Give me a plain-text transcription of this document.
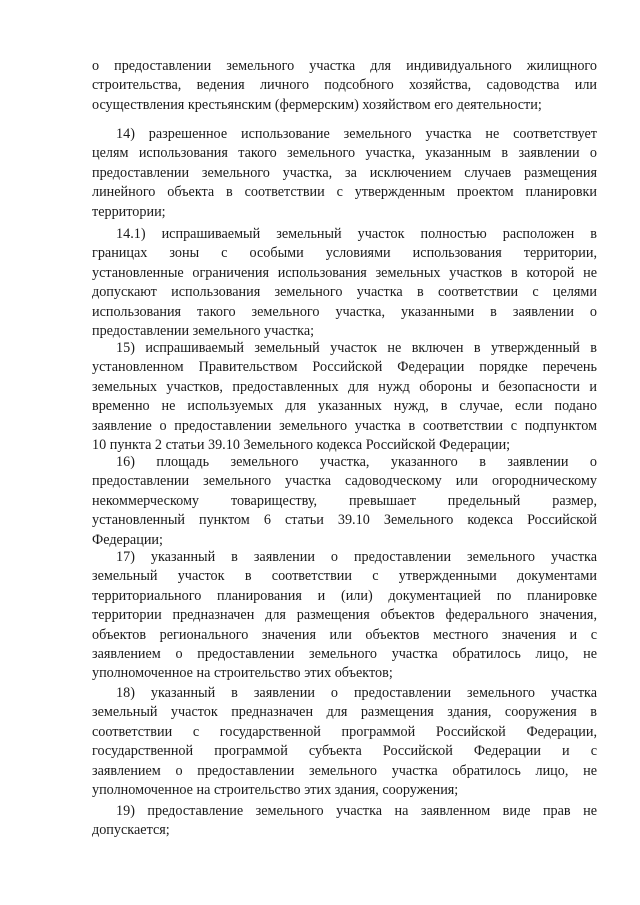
о предоставлении земельного участка для индивидуального жилищного
строительства, ведения личного подсобного хозяйства, садоводства или
осуществления крестьянским (фермерским) хозяйством его деятельности;
14) разрешенное использование земельного участка не соответствует
целям использования такого земельного участка, указанным в заявлении о
предоставлении земельного участка, за исключением случаев размещения
линейного объекта в соответствии с утвержденным проектом планировки
территории;
14.1) испрашиваемый земельный участок полностью расположен в
границах зоны с особыми условиями использования территории,
установленные ограничения использования земельных участков в которой не
допускают использования земельного участка в соответствии с целями
использования такого земельного участка, указанными в заявлении о
предоставлении земельного участка;
15) испрашиваемый земельный участок не включен в утвержденный в
установленном Правительством Российской Федерации порядке перечень
земельных участков, предоставленных для нужд обороны и безопасности и
временно не используемых для указанных нужд, в случае, если подано
заявление о предоставлении земельного участка в соответствии с подпунктом
10 пункта 2 статьи 39.10 Земельного кодекса Российской Федерации;
16) площадь земельного участка, указанного в заявлении о
предоставлении земельного участка садоводческому или огородническому
некоммерческому товариществу, превышает предельный размер,
установленный пунктом 6 статьи 39.10 Земельного кодекса Российской
Федерации;
17) указанный в заявлении о предоставлении земельного участка
земельный участок в соответствии с утвержденными документами
территориального планирования и (или) документацией по планировке
территории предназначен для размещения объектов федерального значения,
объектов регионального значения или объектов местного значения и с
заявлением о предоставлении земельного участка обратилось лицо, не
уполномоченное на строительство этих объектов;
18) указанный в заявлении о предоставлении земельного участка
земельный участок предназначен для размещения здания, сооружения в
соответствии с государственной программой Российской Федерации,
государственной программой субъекта Российской Федерации и с
заявлением о предоставлении земельного участка обратилось лицо, не
уполномоченное на строительство этих здания, сооружения;
19) предоставление земельного участка на заявленном виде прав не
допускается;
